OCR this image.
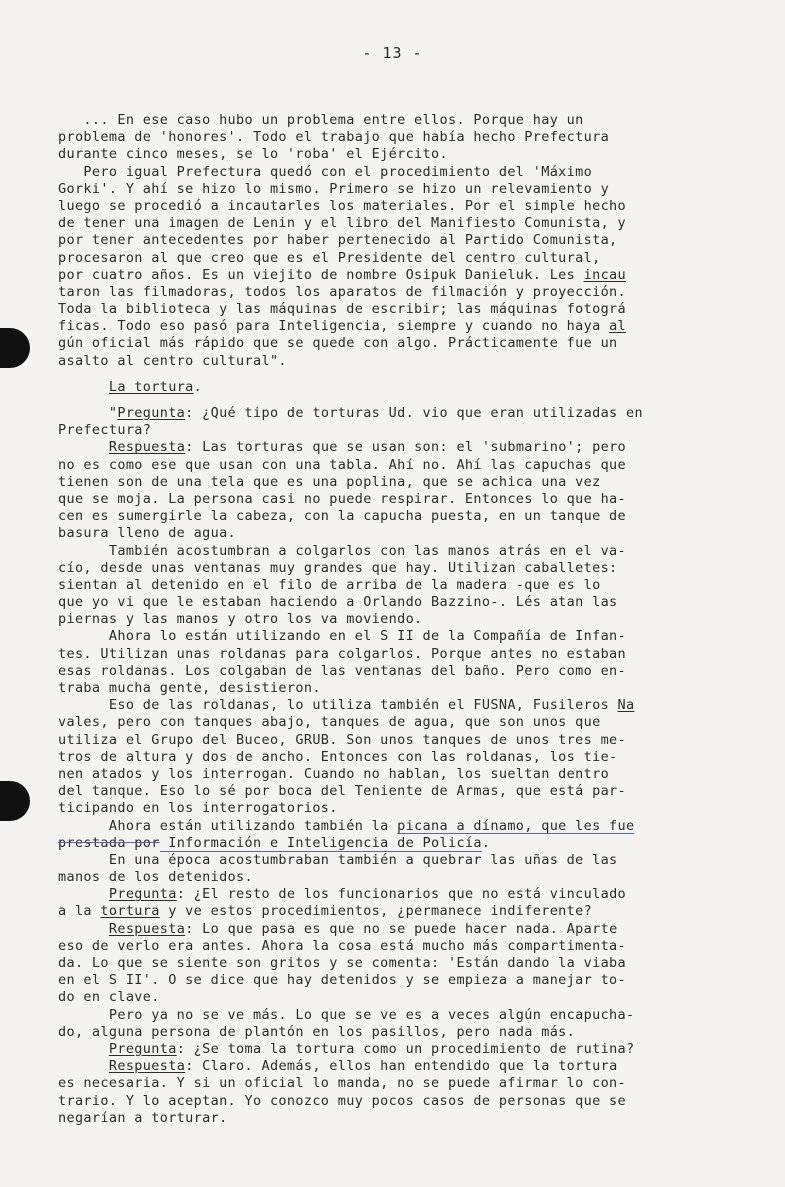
- 13 -
... En ese caso hubo un problema entre ellos. Porque hay un
problema de 'honores'. Todo el trabajo que había hecho Prefectura
durante cinco meses, se lo 'roba' el Ejército.
Pero igual Prefectura quedó con el procedimiento del 'Máximo
Gorki'. Y ahí se hizo lo mismo. Primero se hizo un relevamiento y
luego se procedió a incautarles los materiales. Por el simple hecho
de tener una imagen de Lenin y el libro del Manifiesto Comunista, y
por tener antecedentes por haber pertenecido al Partido Comunista,
procesaron al que creo que es el Presidente del centro cultural,
por cuatro años. Es un viejito de nombre Osipuk Danieluk. Les incau
taron las filmadoras, todos los aparatos de filmación y proyección.
Toda la biblioteca y las máquinas de escribir; las máquinas fotográ
ficas. Todo eso pasó para Inteligencia, siempre y cuando no haya al
gún oficial más rápido que se quede con algo. Prácticamente fue un
asalto al centro cultural".
La tortura.
"Pregunta: ¿Qué tipo de torturas Ud. vio que eran utilizadas en
Prefectura?
Respuesta: Las torturas que se usan son: el 'submarino'; pero
no es como ese que usan con una tabla. Ahí no. Ahí las capuchas que
tienen son de una tela que es una poplina, que se achica una vez
que se moja. La persona casi no puede respirar. Entonces lo que ha-
cen es sumergirle la cabeza, con la capucha puesta, en un tanque de
basura lleno de agua.
También acostumbran a colgarlos con las manos atrás en el va-
cío, desde unas ventanas muy grandes que hay. Utilizan caballetes:
sientan al detenido en el filo de arriba de la madera -que es lo
que yo vi que le estaban haciendo a Orlando Bazzino-. Lés atan las
piernas y las manos y otro los va moviendo.
Ahora lo están utilizando en el S II de la Compañía de Infan-
tes. Utilizan unas roldanas para colgarlos. Porque antes no estaban
esas roldanas. Los colgaban de las ventanas del baño. Pero como en-
traba mucha gente, desistieron.
Eso de las roldanas, lo utiliza también el FUSNA, Fusileros Na
vales, pero con tanques abajo, tanques de agua, que son unos que
utiliza el Grupo del Buceo, GRUB. Son unos tanques de unos tres me-
tros de altura y dos de ancho. Entonces con las roldanas, los tie-
nen atados y los interrogan. Cuando no hablan, los sueltan dentro
del tanque. Eso lo sé por boca del Teniente de Armas, que está par-
ticipando en los interrogatorios.
Ahora están utilizando también la picana a dínamo, que les fue
prestada por Información e Inteligencia de Policía.
En una época acostumbraban también a quebrar las uñas de las
manos de los detenidos.
Pregunta: ¿El resto de los funcionarios que no está vinculado
a la tortura y ve estos procedimientos, ¿permanece indiferente?
Respuesta: Lo que pasa es que no se puede hacer nada. Aparte
eso de verlo era antes. Ahora la cosa está mucho más compartimenta-
da. Lo que se siente son gritos y se comenta: 'Están dando la viaba
en el S II'. O se dice que hay detenidos y se empieza a manejar to-
do en clave.
Pero ya no se ve más. Lo que se ve es a veces algún encapucha-
do, alguna persona de plantón en los pasillos, pero nada más.
Pregunta: ¿Se toma la tortura como un procedimiento de rutina?
Respuesta: Claro. Además, ellos han entendido que la tortura
es necesaria. Y si un oficial lo manda, no se puede afirmar lo con-
trario. Y lo aceptan. Yo conozco muy pocos casos de personas que se
negarían a torturar.
